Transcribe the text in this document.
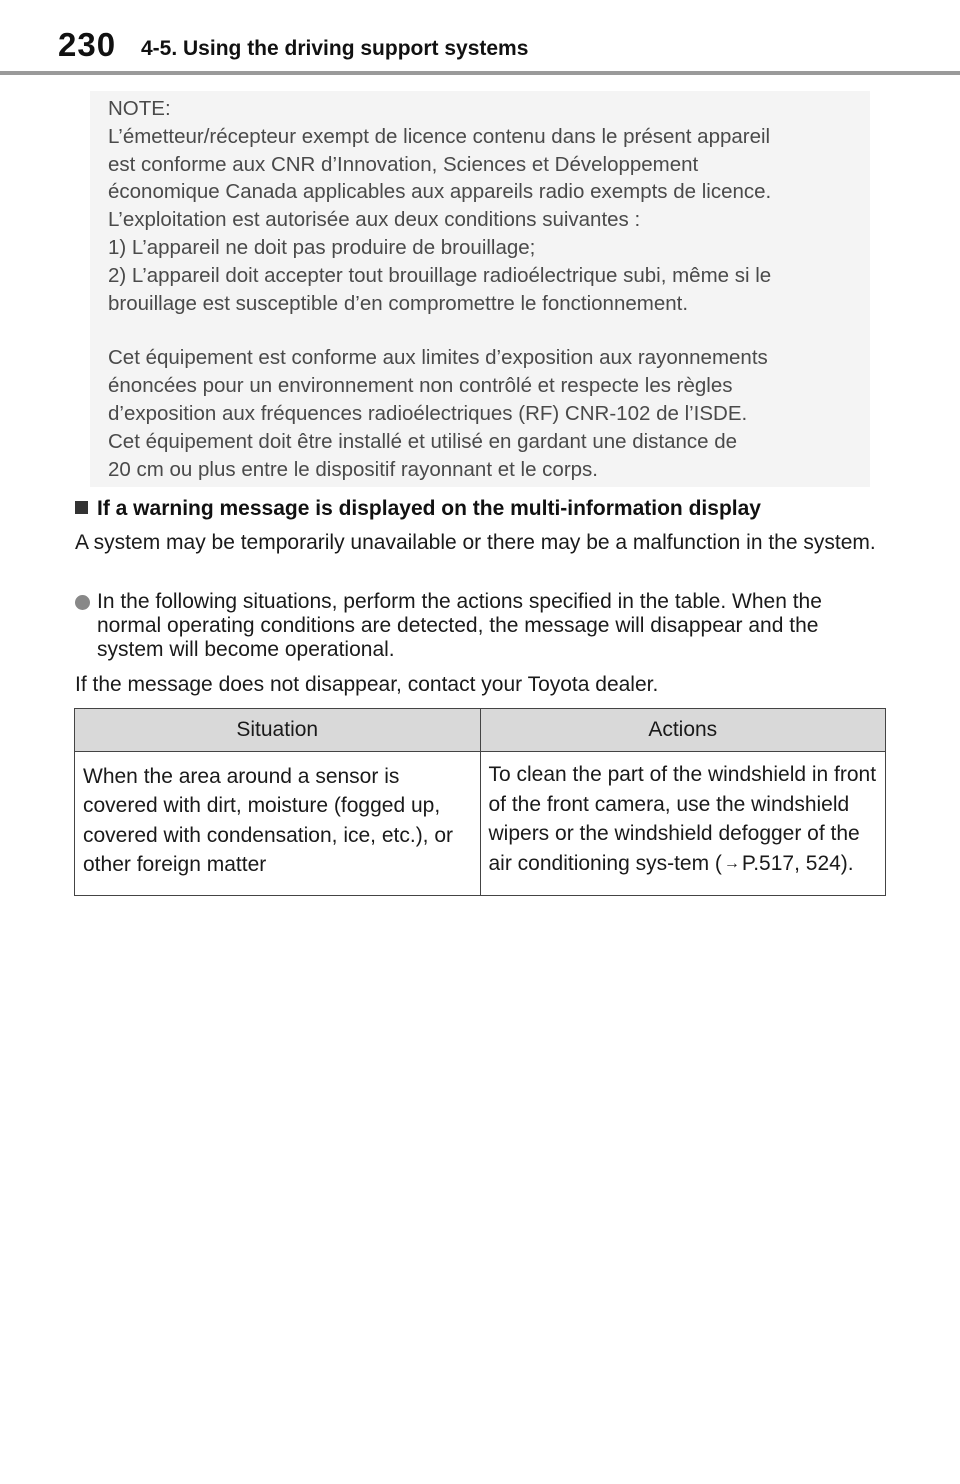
230 4-5. Using the driving support systems
NOTE:
L’émetteur/récepteur exempt de licence contenu dans le présent appareil
est conforme aux CNR d’Innovation, Sciences et Développement
économique Canada applicables aux appareils radio exempts de licence.
L’exploitation est autorisée aux deux conditions suivantes :
1) L’appareil ne doit pas produire de brouillage;
2) L’appareil doit accepter tout brouillage radioélectrique subi, même si le
brouillage est susceptible d’en compromettre le fonctionnement.
Cet équipement est conforme aux limites d’exposition aux rayonnements
énoncées pour un environnement non contrôlé et respecte les règles
d’exposition aux fréquences radioélectriques (RF) CNR-102 de l’ISDE.
Cet équipement doit être installé et utilisé en gardant une distance de
20 cm ou plus entre le dispositif rayonnant et le corps.
If a warning message is displayed on the multi-information display
A system may be temporarily unavailable or there may be a malfunction in the system.
In the following situations, perform the actions specified in the table. When the normal operating conditions are detected, the message will disappear and the system will become operational.
If the message does not disappear, contact your Toyota dealer.
Situation	Actions
When the area around a sensor is covered with dirt, moisture (fogged up, covered with condensation, ice, etc.), or other foreign matter	To clean the part of the windshield in front of the front camera, use the windshield wipers or the windshield defogger of the air conditioning sys-tem ( →P.517, 524).
